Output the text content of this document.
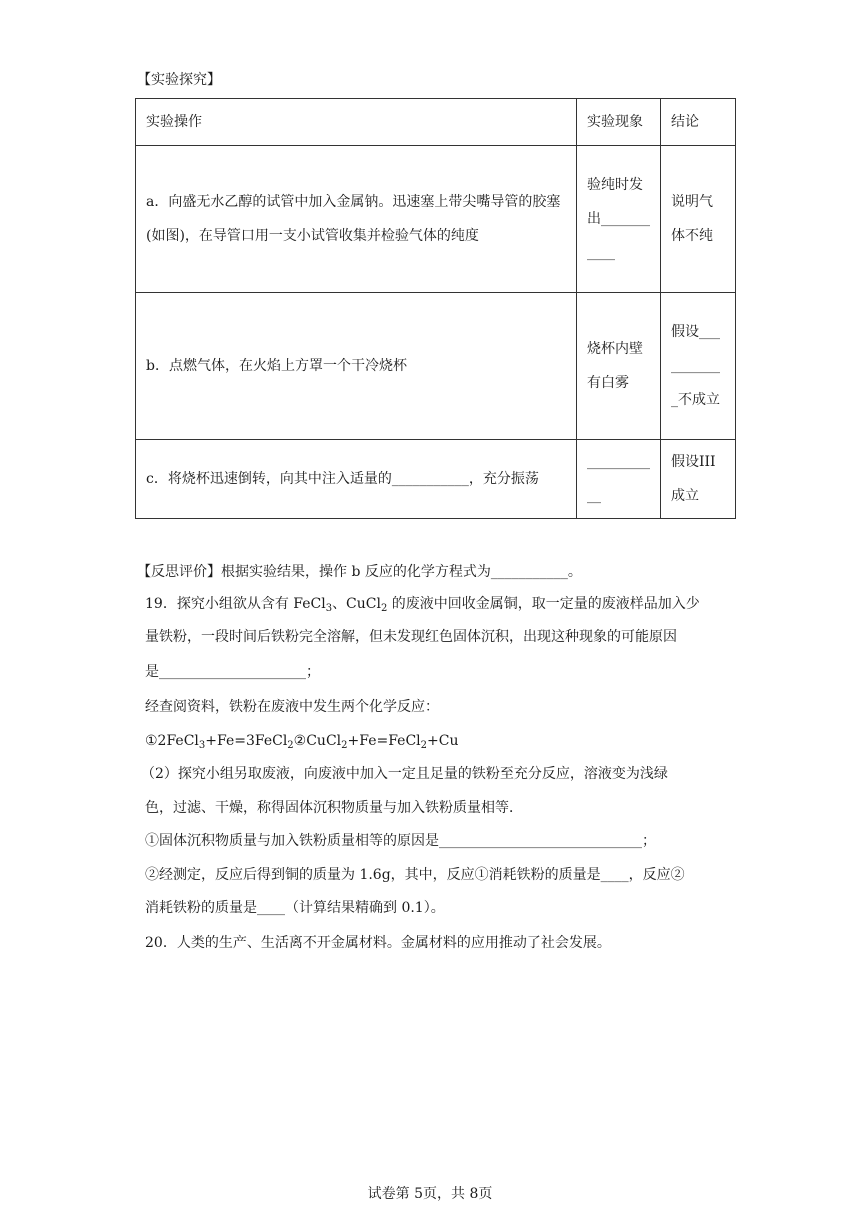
【实验探究】
实验操作	实验现象	结论
a．向盛无水乙醇的试管中加入金属钠。迅速塞上带尖嘴导管的胶塞(如图)，在导管口用一支小试管收集并检验气体的纯度	验纯时发出___________	说明气体不纯
b．点燃气体，在火焰上方罩一个干冷烧杯	烧杯内壁有白雾	假设___________不成立
c．将烧杯迅速倒转，向其中注入适量的___________，充分振荡	___________	假设III成立
【反思评价】根据实验结果，操作 b 反应的化学方程式为___________。
19．探究小组欲从含有 FeCl$_3$、CuCl$_2$ 的废液中回收金属铜，取一定量的废液样品加入少
量铁粉，一段时间后铁粉完全溶解，但未发现红色固体沉积，出现这种现象的可能原因
是_____________________；
经查阅资料，铁粉在废液中发生两个化学反应：
①2FeCl$_3$+Fe=3FeCl$_2$②CuCl$_2$+Fe=FeCl$_2$+Cu
（2）探究小组另取废液，向废液中加入一定且足量的铁粉至充分反应，溶液变为浅绿
色，过滤、干燥，称得固体沉积物质量与加入铁粉质量相等．
①固体沉积物质量与加入铁粉质量相等的原因是_____________________________；
②经测定，反应后得到铜的质量为 1.6g，其中，反应①消耗铁粉的质量是____，反应②
消耗铁粉的质量是____（计算结果精确到 0.1）。
20．人类的生产、生活离不开金属材料。金属材料的应用推动了社会发展。
试卷第 5页，共 8页
